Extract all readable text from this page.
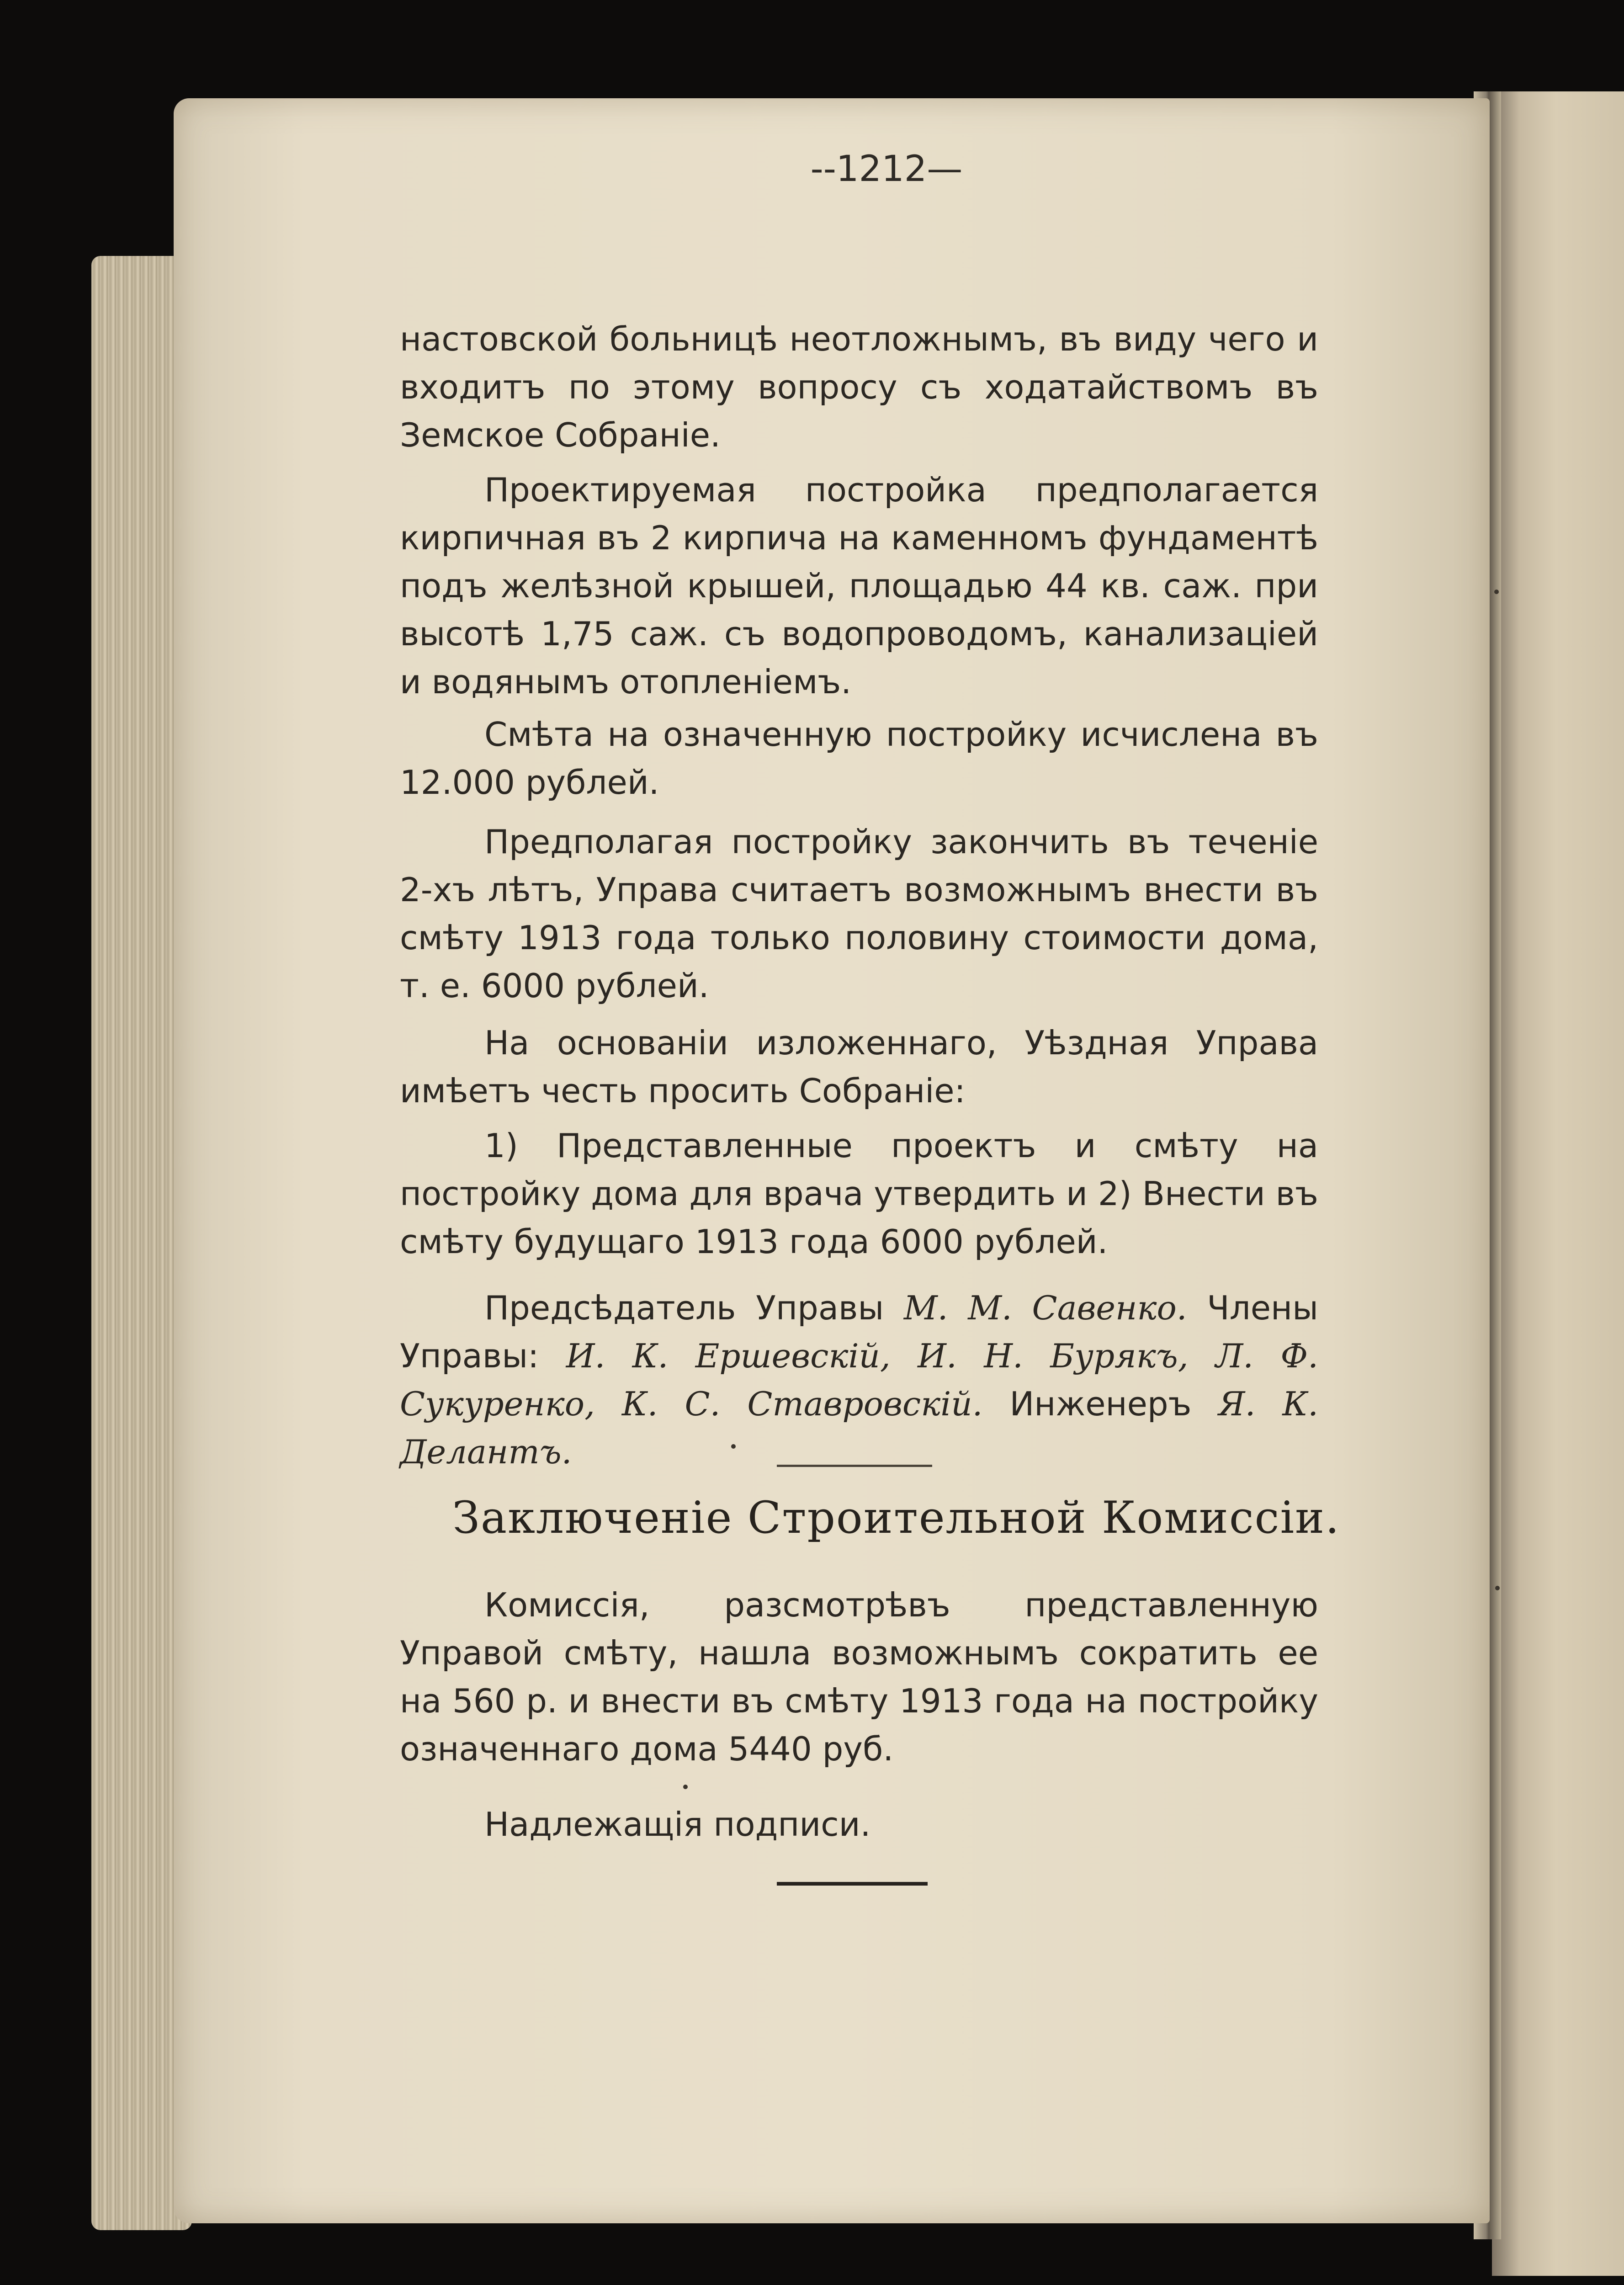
--1212—
настовской больницѣ неотложнымъ, въ виду чего и входитъ по этому вопросу съ ходатайствомъ въ Земское Собраніе.
Проектируемая постройка предполагается кирпичная въ 2 кирпича на каменномъ фундаментѣ подъ желѣзной крышей, площадью 44 кв. саж. при высотѣ 1,75 саж. съ водопроводомъ, канализаціей и водянымъ отопленіемъ.
Смѣта на означенную постройку исчислена въ 12.000 рублей.
Предполагая постройку закончить въ теченіе 2-хъ лѣтъ, Управа считаетъ возможнымъ внести въ смѣту 1913 года только половину стоимости дома, т. е. 6000 рублей.
На основаніи изложеннаго, Уѣздная Управа имѣетъ честь просить Собраніе:
1) Представленные проектъ и смѣту на постройку дома для врача утвердить и 2) Внести въ смѣту будущаго 1913 года 6000 рублей.
Предсѣдатель Управы М. М. Савенко. Члены Управы: И. К. Ершевскій, И. Н. Бурякъ, Л. Ф. Сукуренко, К. С. Ставровскій. Инженеръ Я. К. Делантъ.
Заключеніе Строительной Комиссіи.
Комиссія, разсмотрѣвъ представленную Управой смѣту, нашла возможнымъ сократить ее на 560 р. и внести въ смѣту 1913 года на постройку означеннаго дома 5440 руб.
Надлежащія подписи.
